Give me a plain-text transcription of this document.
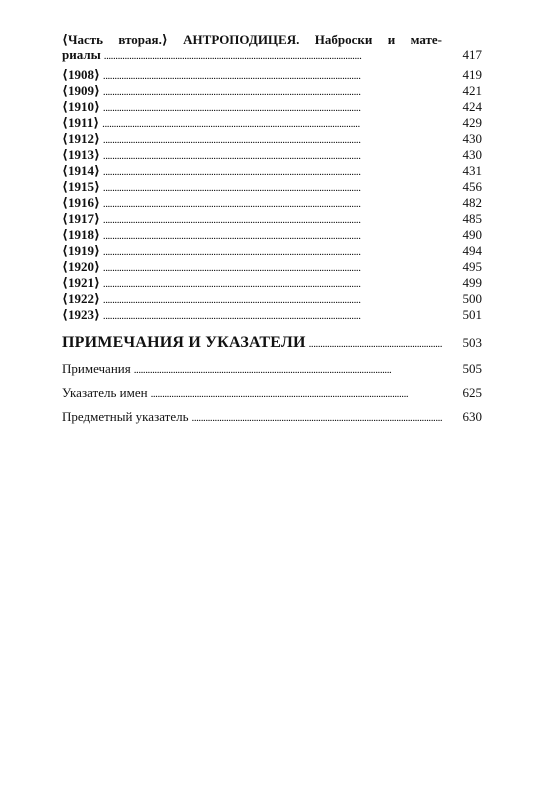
⟨Часть вторая.⟩ АНТРОПОДИЦЕЯ. Наброски и мате-
риалы . . .	417
⟨1908⟩ . . .	419
⟨1909⟩ . . .	421
⟨1910⟩ . . .	424
⟨1911⟩ . . .	429
⟨1912⟩ . . .	430
⟨1913⟩ . . .	430
⟨1914⟩ . . .	431
⟨1915⟩ . . .	456
⟨1916⟩ . . .	482
⟨1917⟩ . . .	485
⟨1918⟩ . . .	490
⟨1919⟩ . . .	494
⟨1920⟩ . . .	495
⟨1921⟩ . . .	499
⟨1922⟩ . . .	500
⟨1923⟩ . . .	501
ПРИМЕЧАНИЯ И УКАЗАТЕЛИ . . .	503
Примечания . . .	505
Указатель имен . . .	625
Предметный указатель . . .	630
